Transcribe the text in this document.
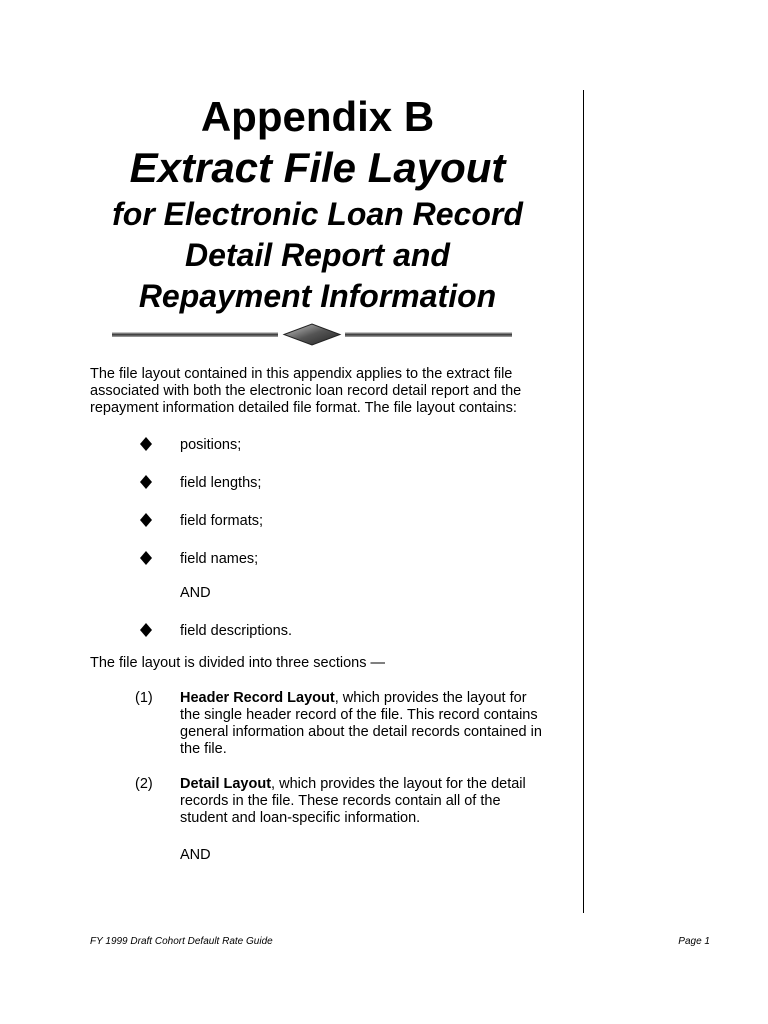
Appendix B
Extract File Layout
for Electronic Loan Record
Detail Report and
Repayment Information
The file layout contained in this appendix applies to the extract file associated with both the electronic loan record detail report and the repayment information detailed file format. The file layout contains:
positions;
field lengths;
field formats;
field names;
AND
field descriptions.
The file layout is divided into three sections —
(1) Header Record Layout, which provides the layout for the single header record of the file. This record contains general information about the detail records contained in the file.
(2) Detail Layout, which provides the layout for the detail records in the file. These records contain all of the student and loan-specific information.
AND
FY 1999 Draft Cohort Default Rate Guide	Page 1
